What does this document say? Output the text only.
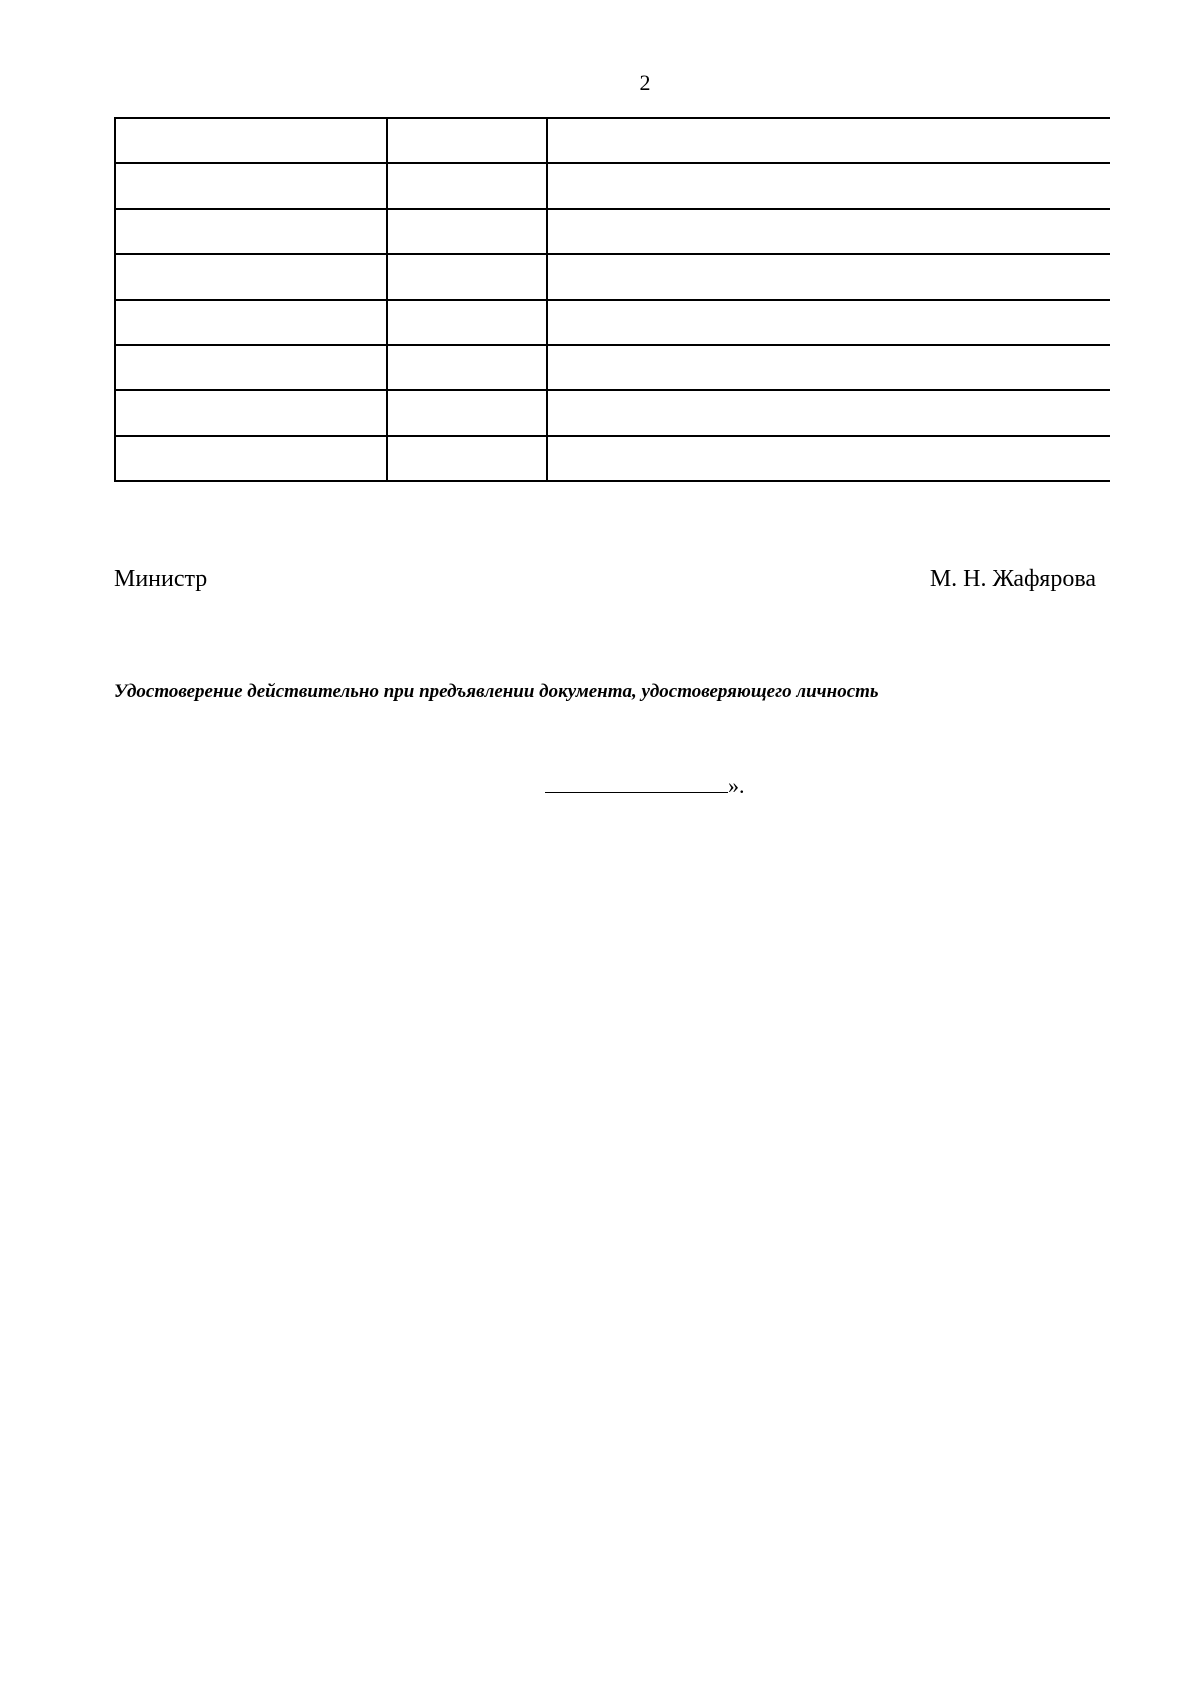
2

Министр	М. Н. Жафярова
Удостоверение действительно при предъявлении документа, удостоверяющего личность
».
